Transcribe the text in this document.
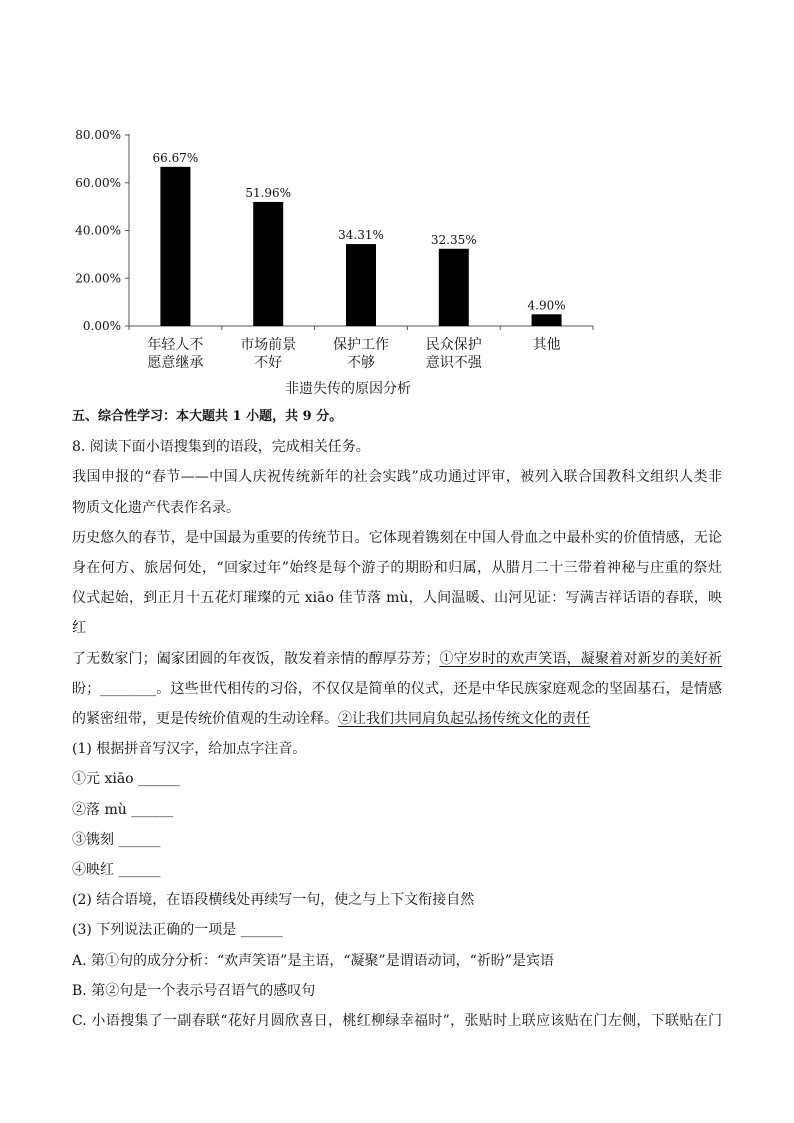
0.00%
20.00%
40.00%
60.00%
80.00%
66.67%
51.96%
34.31%	32.35%
4.90%
年轻人不
愿意继承
市场前景
不好
保护工作
不够
民众保护
意识不强
其他
非遗失传的原因分析
五、综合性学习：本大题共 1 小题，共 9 分。
8. 阅读下面小语搜集到的语段，完成相关任务。
我国申报的“春节——中国人庆祝传统新年的社会实践”成功通过评审，被列入联合国教科文组织人类非
物质文化遗产代表作名录。
历史悠久的春节，是中国最为重要的传统节日。它体现着镌刻在中国人骨血之中最朴实的价值情感，无论
身在何方、旅居何处，“回家过年”始终是每个游子的期盼和归属，从腊月二十三带着神秘与庄重的祭灶
仪式起始，到正月十五花灯璀璨的元 xiāo 佳节落 mù，人间温暖、山河见证：写满吉祥话语的春联，映红
了无数家门；阖家团圆的年夜饭，散发着亲情的醇厚芬芳；①守岁时的欢声笑语，凝聚着对新岁的美好祈
盼；________。这些世代相传的习俗，不仅仅是简单的仪式，还是中华民族家庭观念的坚固基石，是情感
的紧密纽带，更是传统价值观的生动诠释。②让我们共同肩负起弘扬传统文化的责任
(1) 根据拼音写汉字，给加点字注音。
①元 xiāo ______
②落 mù ______
③镌刻 ______
④映红 ______
(2) 结合语境，在语段横线处再续写一句，使之与上下文衔接自然
(3) 下列说法正确的一项是 ______
A. 第①句的成分分析：“欢声笑语”是主语，“凝聚”是谓语动词，“祈盼”是宾语
B. 第②句是一个表示号召语气的感叹句
C. 小语搜集了一副春联“花好月圆欣喜日，桃红柳绿幸福时”，张贴时上联应该贴在门左侧，下联贴在门
